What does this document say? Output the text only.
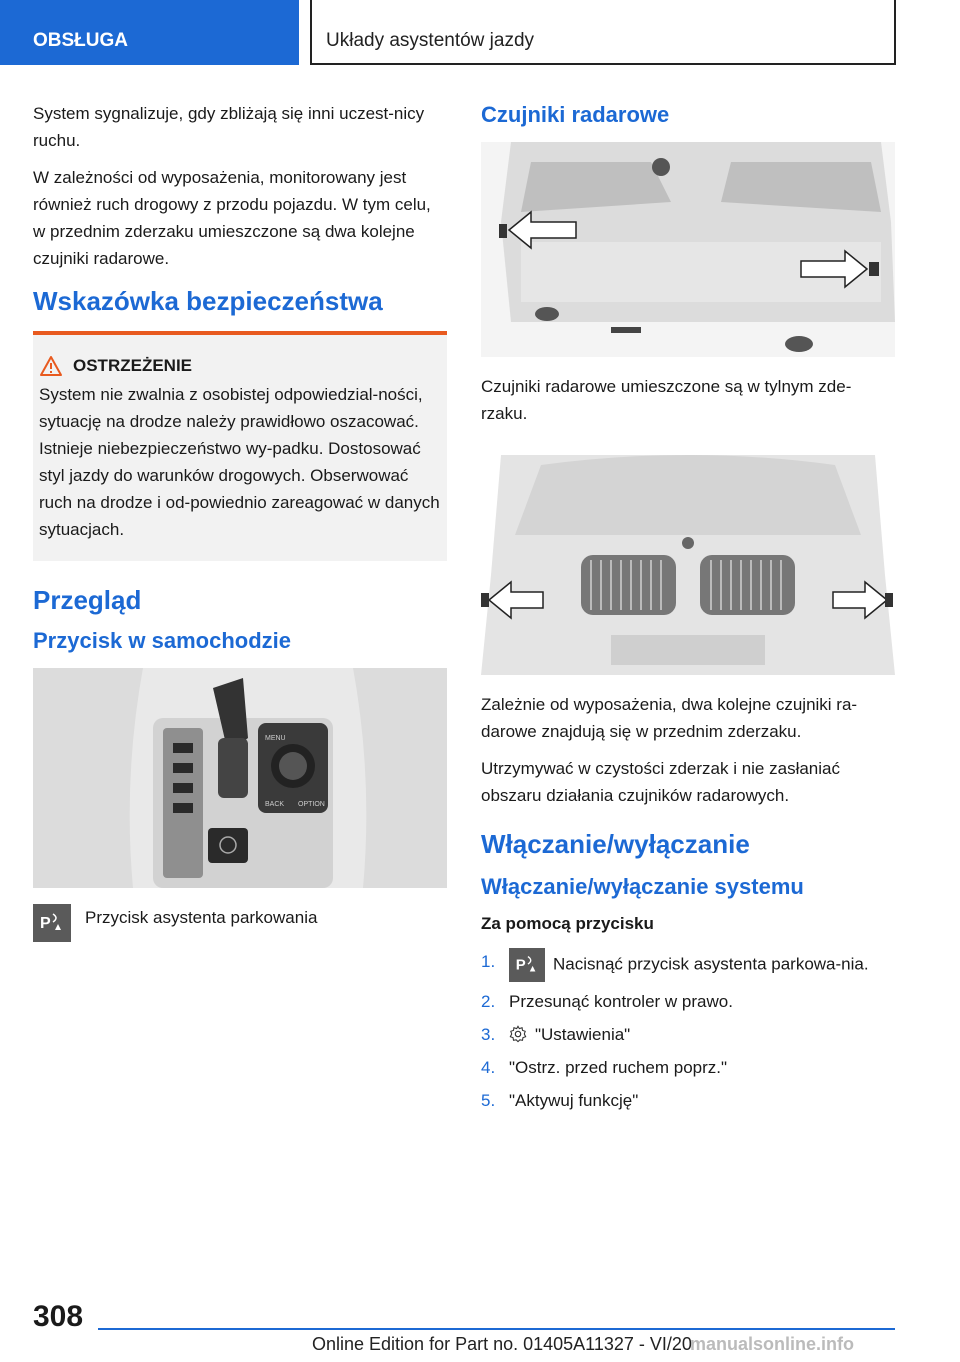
OBSŁUGA	Układy asystentów jazdy

System sygnalizuje, gdy zbliżają się inni uczest-nicy ruchu.

W zależności od wyposażenia, monitorowany jest również ruch drogowy z przodu pojazdu. W tym celu, w przednim zderzaku umieszczone są dwa kolejne czujniki radarowe.

Wskazówka bezpieczeństwa
OSTRZEŻENIE

System nie zwalnia z osobistej odpowiedzial-ności, sytuację na drodze należy prawidłowo oszacować. Istnieje niebezpieczeństwo wy-padku. Dostosować styl jazdy do warunków drogowych. Obserwować ruch na drodze i od-powiednio zareagować w danych sytuacjach.

Przegląd
Przycisk w samochodzie
MENU
BACK OPTION
P Przycisk asystenta parkowania
Czujniki radarowe

Czujniki radarowe umieszczone są w tylnym zde-rzaku.

Zależnie od wyposażenia, dwa kolejne czujniki ra-darowe znajdują się w przednim zderzaku.

Utrzymywać w czystości zderzak i nie zasłaniać obszaru działania czujników radarowych.

Włączanie/wyłączanie
Włączanie/wyłączanie systemu
Za pomocą przycisku
1.	P Nacisnąć przycisk asystenta parkowa-nia.
2. Przesunąć kontroler w prawo.
3.	"Ustawienia"
4. "Ostrz. przed ruchem poprz."
5. "Aktywuj funkcję"
308
Online Edition for Part no. 01405A11327 - VI/20
manualsonline.info
